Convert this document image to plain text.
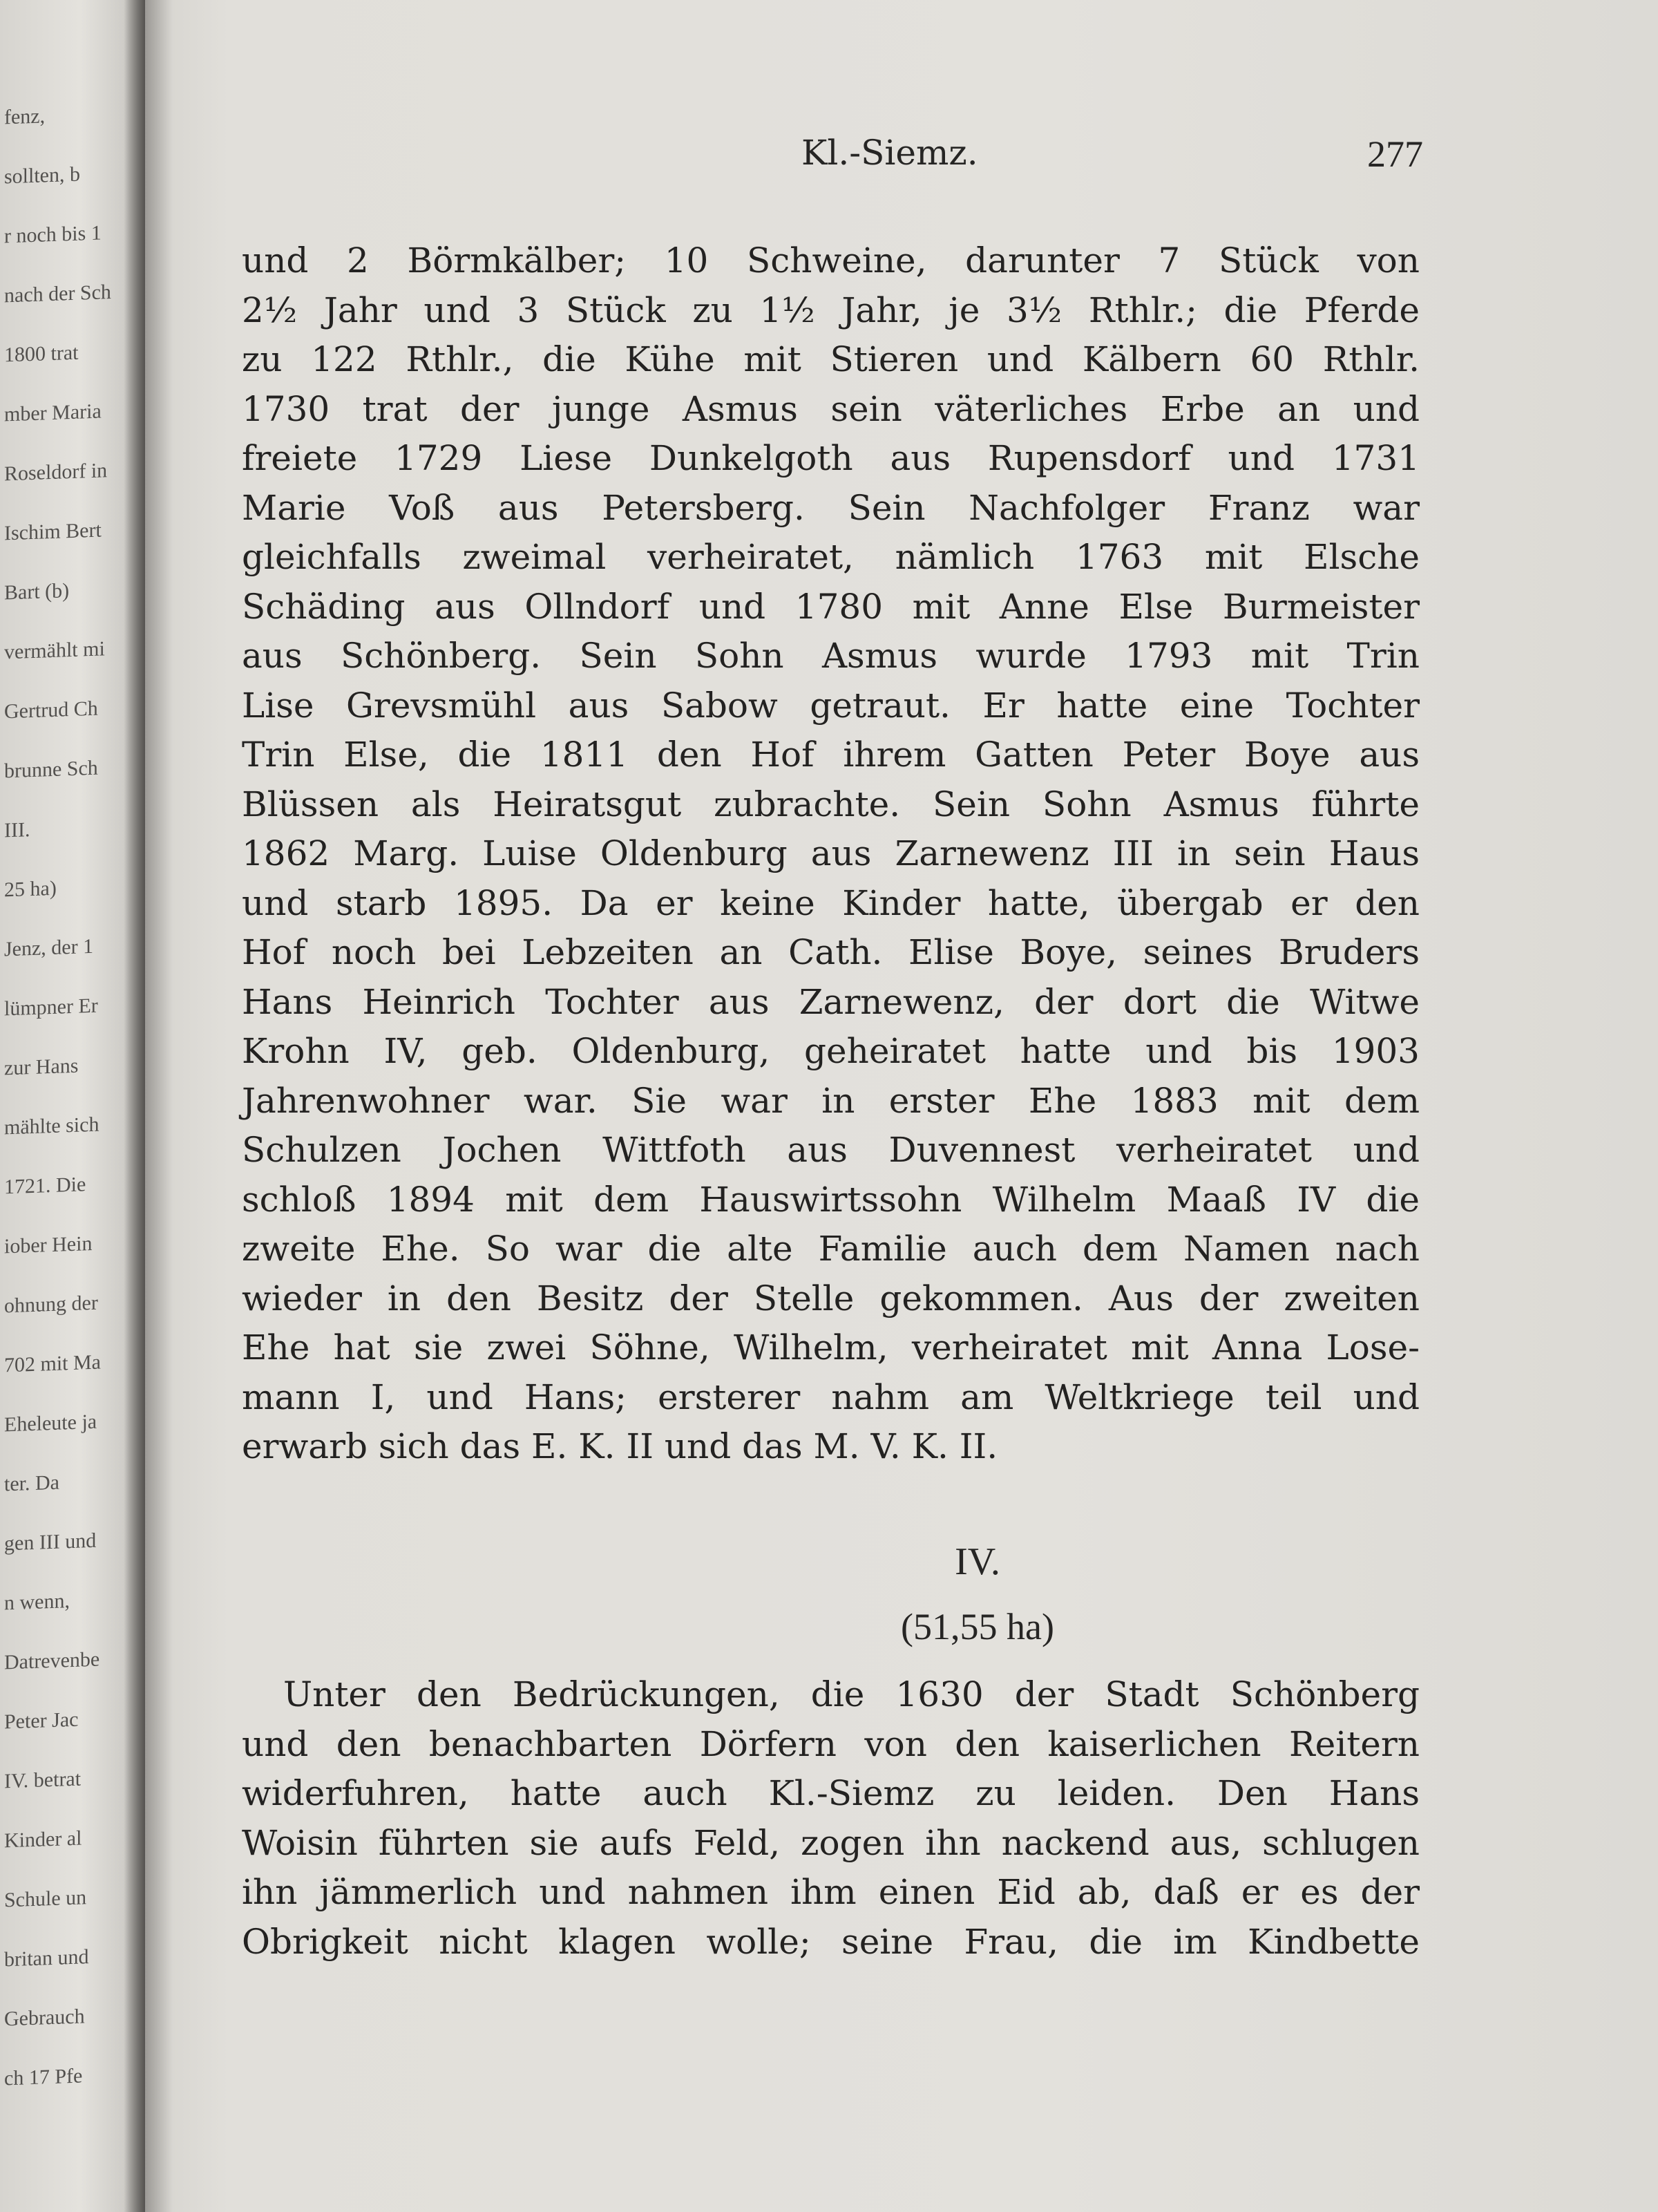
fenz,
sollten, b
r noch bis 1
nach der Sch
1800 trat
mber Maria
Roseldorf in
Ischim Bert
Bart (b)
vermählt mi
Gertrud Ch
brunne Sch
III.
25 ha)
Jenz, der 1
lümpner Er
zur Hans
mählte sich
1721. Die
iober Hein
ohnung der
702 mit Ma
Eheleute ja
ter. Da
gen III und
n wenn,
Datrevenbe
Peter Jac
IV. betrat
Kinder al
Schule un
britan und
Gebrauch
ch 17 Pfe
Kl.-Siemz.	277
und 2 Börmkälber; 10 Schweine, darunter 7 Stück von
2½ Jahr und 3 Stück zu 1½ Jahr, je 3½ Rthlr.; die Pferde
zu 122 Rthlr., die Kühe mit Stieren und Kälbern 60 Rthlr.
1730 trat der junge Asmus sein väterliches Erbe an und
freiete 1729 Liese Dunkelgoth aus Rupensdorf und 1731
Marie Voß aus Petersberg. Sein Nachfolger Franz war
gleichfalls zweimal verheiratet, nämlich 1763 mit Elsche
Schäding aus Ollndorf und 1780 mit Anne Else Burmeister
aus Schönberg. Sein Sohn Asmus wurde 1793 mit Trin
Lise Grevsmühl aus Sabow getraut. Er hatte eine Tochter
Trin Else, die 1811 den Hof ihrem Gatten Peter Boye aus
Blüssen als Heiratsgut zubrachte. Sein Sohn Asmus führte
1862 Marg. Luise Oldenburg aus Zarnewenz III in sein Haus
und starb 1895. Da er keine Kinder hatte, übergab er den
Hof noch bei Lebzeiten an Cath. Elise Boye, seines Bruders
Hans Heinrich Tochter aus Zarnewenz, der dort die Witwe
Krohn IV, geb. Oldenburg, geheiratet hatte und bis 1903
Jahrenwohner war. Sie war in erster Ehe 1883 mit dem
Schulzen Jochen Wittfoth aus Duvennest verheiratet und
schloß 1894 mit dem Hauswirtssohn Wilhelm Maaß IV die
zweite Ehe. So war die alte Familie auch dem Namen nach
wieder in den Besitz der Stelle gekommen. Aus der zweiten
Ehe hat sie zwei Söhne, Wilhelm, verheiratet mit Anna Lose-
mann I, und Hans; ersterer nahm am Weltkriege teil und
erwarb sich das E. K. II und das M. V. K. II.
IV.
(51,55 ha)
Unter den Bedrückungen, die 1630 der Stadt Schönberg
und den benachbarten Dörfern von den kaiserlichen Reitern
widerfuhren, hatte auch Kl.-Siemz zu leiden. Den Hans
Woisin führten sie aufs Feld, zogen ihn nackend aus, schlugen
ihn jämmerlich und nahmen ihm einen Eid ab, daß er es der
Obrigkeit nicht klagen wolle; seine Frau, die im Kindbette
